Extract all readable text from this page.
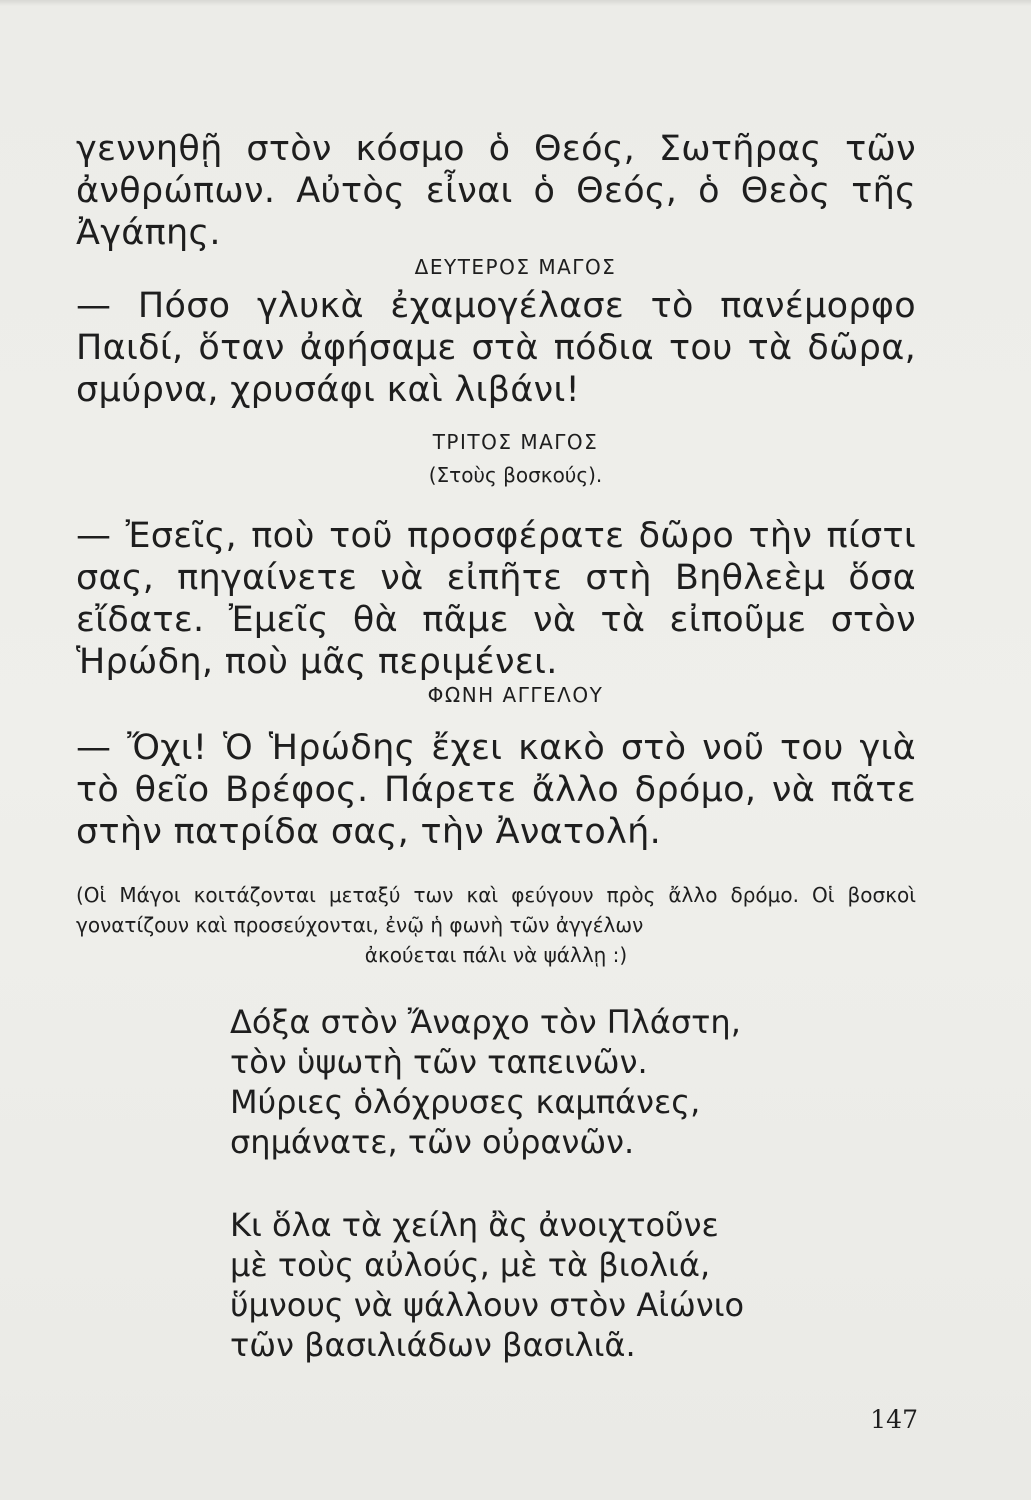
γεννηθῇ στὸν κόσμο ὁ Θεός, Σωτῆρας τῶν ἀνθρώπων. Αὐτὸς εἶναι ὁ Θεός, ὁ Θεὸς τῆς Ἀγάπης.

ΔΕΥΤΕΡΟΣ ΜΑΓΟΣ

— Πόσο γλυκὰ ἐχαμογέλασε τὸ πανέμορφο Παιδί, ὅταν ἀφήσαμε στὰ πόδια του τὰ δῶρα, σμύρνα, χρυσάφι καὶ λιβάνι!

ΤΡΙΤΟΣ ΜΑΓΟΣ

(Στοὺς βοσκούς).

— Ἐσεῖς, ποὺ τοῦ προσφέρατε δῶρο τὴν πίστι σας, πηγαίνετε νὰ εἰπῆτε στὴ Βηθλεὲμ ὅσα εἴδατε. Ἐμεῖς θὰ πᾶμε νὰ τὰ εἰποῦμε στὸν Ἡρώδη, ποὺ μᾶς περιμένει.

ΦΩΝΗ ΑΓΓΕΛΟΥ

— Ὄχι! Ὁ Ἡρώδης ἔχει κακὸ στὸ νοῦ του γιὰ τὸ θεῖο Βρέφος. Πάρετε ἄλλο δρόμο, νὰ πᾶτε στὴν πατρίδα σας, τὴν Ἀνατολή.

(Οἱ Μάγοι κοιτάζονται μεταξύ των καὶ φεύγουν πρὸς ἄλλο δρόμο. Οἱ βοσκοὶ γονατίζουν καὶ προσεύχονται, ἐνῷ ἡ φωνὴ τῶν ἀγγέλων
ἀκούεται πάλι νὰ ψάλλῃ :)

Δόξα στὸν Ἄναρχο τὸν Πλάστη,
τὸν ὑψωτὴ τῶν ταπεινῶν.
Μύριες ὁλόχρυσες καμπάνες,
σημάνατε, τῶν οὐρανῶν.

Κι ὅλα τὰ χείλη ἂς ἀνοιχτοῦνε
μὲ τοὺς αὐλούς, μὲ τὰ βιολιά,
ὕμνους νὰ ψάλλουν στὸν Αἰώνιο
τῶν βασιλιάδων βασιλιᾶ.

147
